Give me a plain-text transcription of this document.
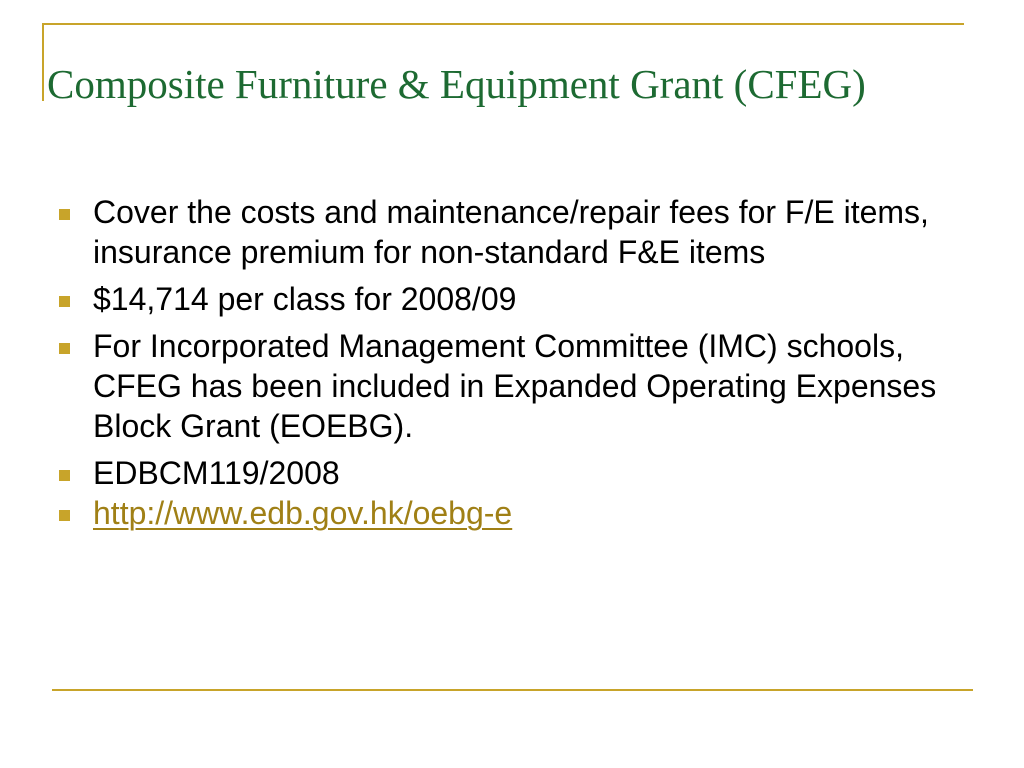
Composite Furniture & Equipment Grant (CFEG)
Cover the costs and maintenance/repair fees for F/E items, insurance premium for non-standard F&E items
$14,714 per class for 2008/09
For Incorporated Management Committee (IMC) schools, CFEG has been included in Expanded Operating Expenses Block Grant (EOEBG).
EDBCM119/2008
http://www.edb.gov.hk/oebg-e
